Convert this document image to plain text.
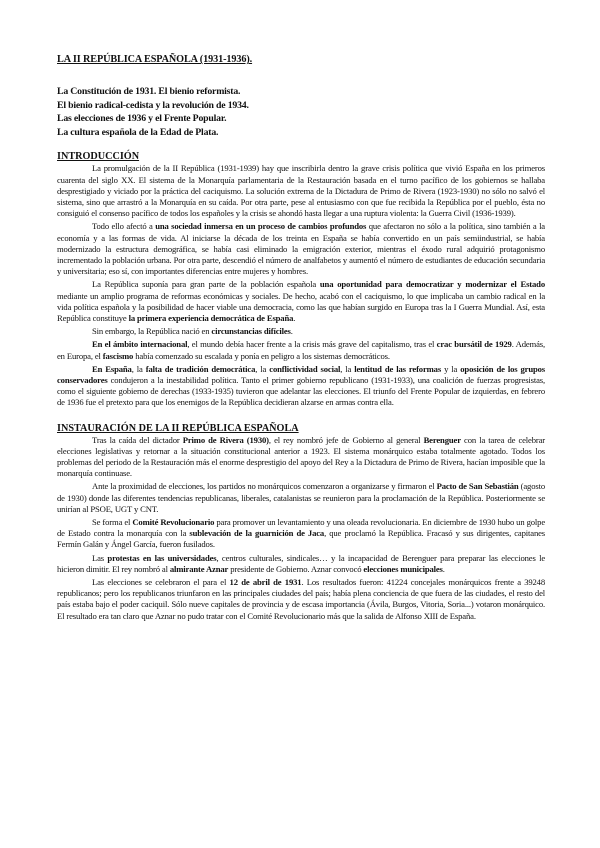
LA II REPÚBLICA ESPAÑOLA (1931-1936).
La Constitución de 1931. El bienio reformista.
El bienio radical-cedista y la revolución de 1934.
Las elecciones de 1936 y el Frente Popular.
La cultura española de la Edad de Plata.
INTRODUCCIÓN

La promulgación de la II República (1931-1939) hay que inscribirla dentro la grave crisis política que vivió España en los primeros cuarenta del siglo XX. El sistema de la Monarquía parlamentaria de la Restauración basada en el turno pacífico de los gobiernos se hallaba desprestigiado y viciado por la práctica del caciquismo. La solución extrema de la Dictadura de Primo de Rivera (1923-1930) no sólo no salvó el sistema, sino que arrastró a la Monarquía en su caída. Por otra parte, pese al entusiasmo con que fue recibida la República por el pueblo, ésta no consiguió el consenso pacífico de todos los españoles y la crisis se ahondó hasta llegar a una ruptura violenta: la Guerra Civil (1936-1939).

Todo ello afectó a una sociedad inmersa en un proceso de cambios profundos que afectaron no sólo a la política, sino también a la economía y a las formas de vida. Al iniciarse la década de los treinta en España se había convertido en un país semiindustrial, se había modernizado la estructura demográfica, se había casi eliminado la emigración exterior, mientras el éxodo rural adquirió protagonismo incrementado la población urbana. Por otra parte, descendió el número de analfabetos y aumentó el número de estudiantes de educación secundaria y universitaria; eso sí, con importantes diferencias entre mujeres y hombres.

La República suponía para gran parte de la población española una oportunidad para democratizar y modernizar el Estado mediante un amplio programa de reformas económicas y sociales. De hecho, acabó con el caciquismo, lo que implicaba un cambio radical en la vida política española y la posibilidad de hacer viable una democracia, como las que habían surgido en Europa tras la I Guerra Mundial. Así, esta República constituye la primera experiencia democrática de España.

Sin embargo, la República nació en circunstancias difíciles.

En el ámbito internacional, el mundo debía hacer frente a la crisis más grave del capitalismo, tras el crac bursátil de 1929. Además, en Europa, el fascismo había comenzado su escalada y ponía en peligro a los sistemas democráticos.

En España, la falta de tradición democrática, la conflictividad social, la lentitud de las reformas y la oposición de los grupos conservadores condujeron a la inestabilidad política. Tanto el primer gobierno republicano (1931-1933), una coalición de fuerzas progresistas, como el siguiente gobierno de derechas (1933-1935) tuvieron que adelantar las elecciones. El triunfo del Frente Popular de izquierdas, en febrero de 1936 fue el pretexto para que los enemigos de la República decidieran alzarse en armas contra ella.

INSTAURACIÓN DE LA II REPÚBLICA ESPAÑOLA

Tras la caída del dictador Primo de Rivera (1930), el rey nombró jefe de Gobierno al general Berenguer con la tarea de celebrar elecciones legislativas y retornar a la situación constitucional anterior a 1923. El sistema monárquico estaba totalmente agotado. Todos los problemas del periodo de la Restauración más el enorme desprestigio del apoyo del Rey a la Dictadura de Primo de Rivera, hacían imposible que la monarquía continuase.

Ante la proximidad de elecciones, los partidos no monárquicos comenzaron a organizarse y firmaron el Pacto de San Sebastián (agosto de 1930) donde las diferentes tendencias republicanas, liberales, catalanistas se reunieron para la proclamación de la República. Posteriormente se unirían al PSOE, UGT y CNT.

Se forma el Comité Revolucionario para promover un levantamiento y una oleada revolucionaria. En diciembre de 1930 hubo un golpe de Estado contra la monarquía con la sublevación de la guarnición de Jaca, que proclamó la República. Fracasó y sus dirigentes, capitanes Fermín Galán y Ángel García, fueron fusilados.

Las protestas en las universidades, centros culturales, sindicales… y la incapacidad de Berenguer para preparar las elecciones le hicieron dimitir. El rey nombró al almirante Aznar presidente de Gobierno. Aznar convocó elecciones municipales.

Las elecciones se celebraron el para el 12 de abril de 1931. Los resultados fueron: 41224 concejales monárquicos frente a 39248 republicanos; pero los republicanos triunfaron en las principales ciudades del país; había plena conciencia de que fuera de las ciudades, el resto del país estaba bajo el poder caciquil. Sólo nueve capitales de provincia y de escasa importancia (Ávila, Burgos, Vitoria, Soria...) votaron monárquico. El resultado era tan claro que Aznar no pudo tratar con el Comité Revolucionario más que la salida de Alfonso XIII de España.
